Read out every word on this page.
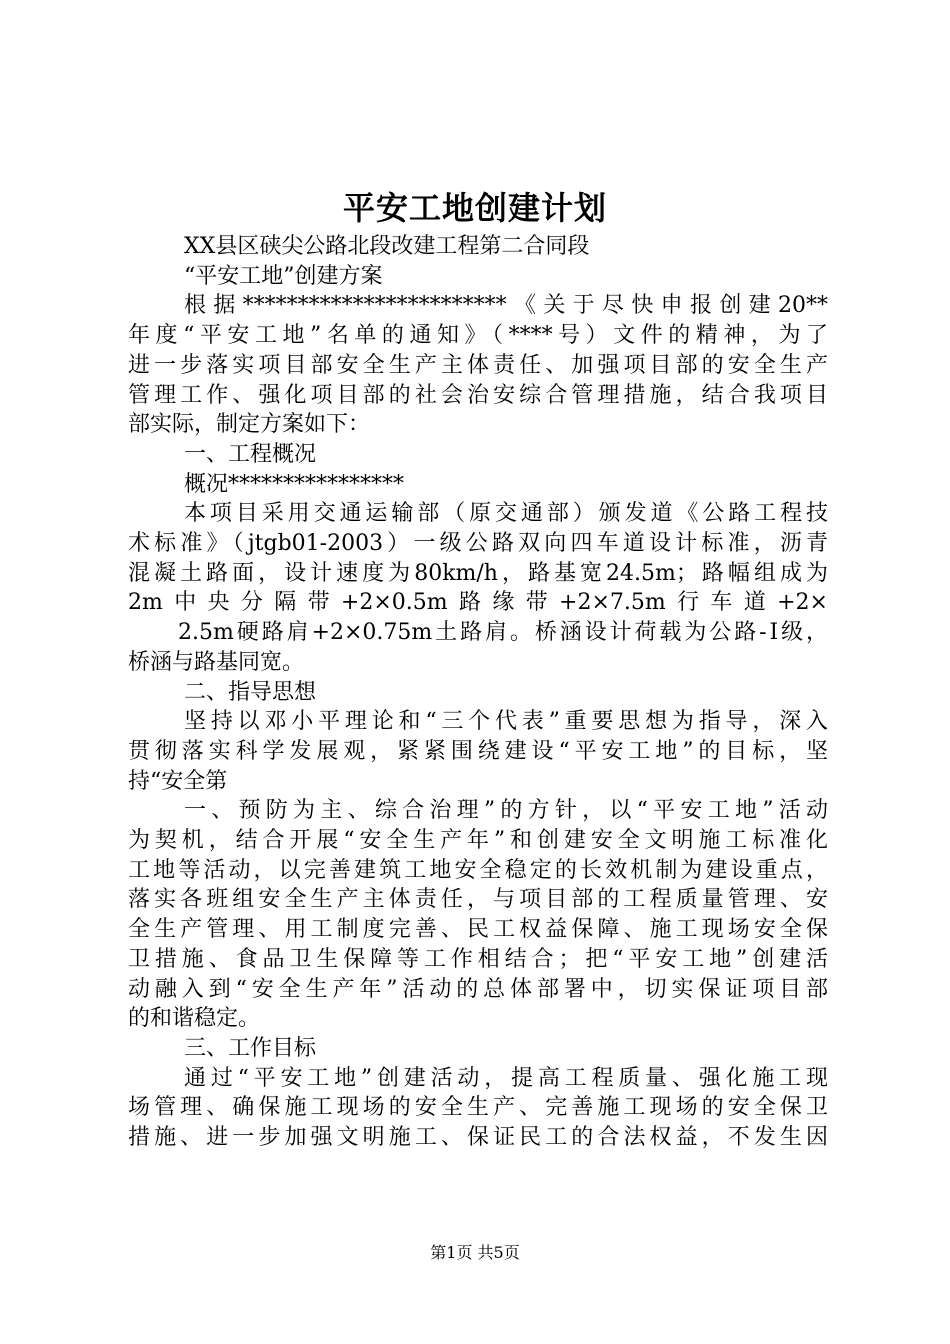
平安工地创建计划
XX县区硖尖公路北段改建工程第二合同段
“平安工地”创建方案
根据************************《关于尽快申报创建20**
年度“平安工地”名单的通知》（****号）文件的精神，为了
进一步落实项目部安全生产主体责任、加强项目部的安全生产
管理工作、强化项目部的社会治安综合管理措施，结合我项目
部实际，制定方案如下：
一、工程概况
概况****************
本项目采用交通运输部（原交通部）颁发道《公路工程技
术标准》（jtgb01-2003）一级公路双向四车道设计标准，沥青
混凝土路面，设计速度为80km/h，路基宽24.5m；路幅组成为
2m中央分隔带+2×0.5m路缘带+2×7.5m行车道+2×
2.5m硬路肩+2×0.75m土路肩。桥涵设计荷载为公路-Ⅰ级，
桥涵与路基同宽。
二、指导思想
坚持以邓小平理论和“三个代表”重要思想为指导，深入
贯彻落实科学发展观，紧紧围绕建设“平安工地”的目标，坚
持“安全第
一、预防为主、综合治理”的方针，以“平安工地”活动
为契机，结合开展“安全生产年”和创建安全文明施工标准化
工地等活动，以完善建筑工地安全稳定的长效机制为建设重点，
落实各班组安全生产主体责任，与项目部的工程质量管理、安
全生产管理、用工制度完善、民工权益保障、施工现场安全保
卫措施、食品卫生保障等工作相结合；把“平安工地”创建活
动融入到“安全生产年”活动的总体部署中，切实保证项目部
的和谐稳定。
三、工作目标
通过“平安工地”创建活动，提高工程质量、强化施工现
场管理、确保施工现场的安全生产、完善施工现场的安全保卫
措施、进一步加强文明施工、保证民工的合法权益，不发生因
第1页 共5页
